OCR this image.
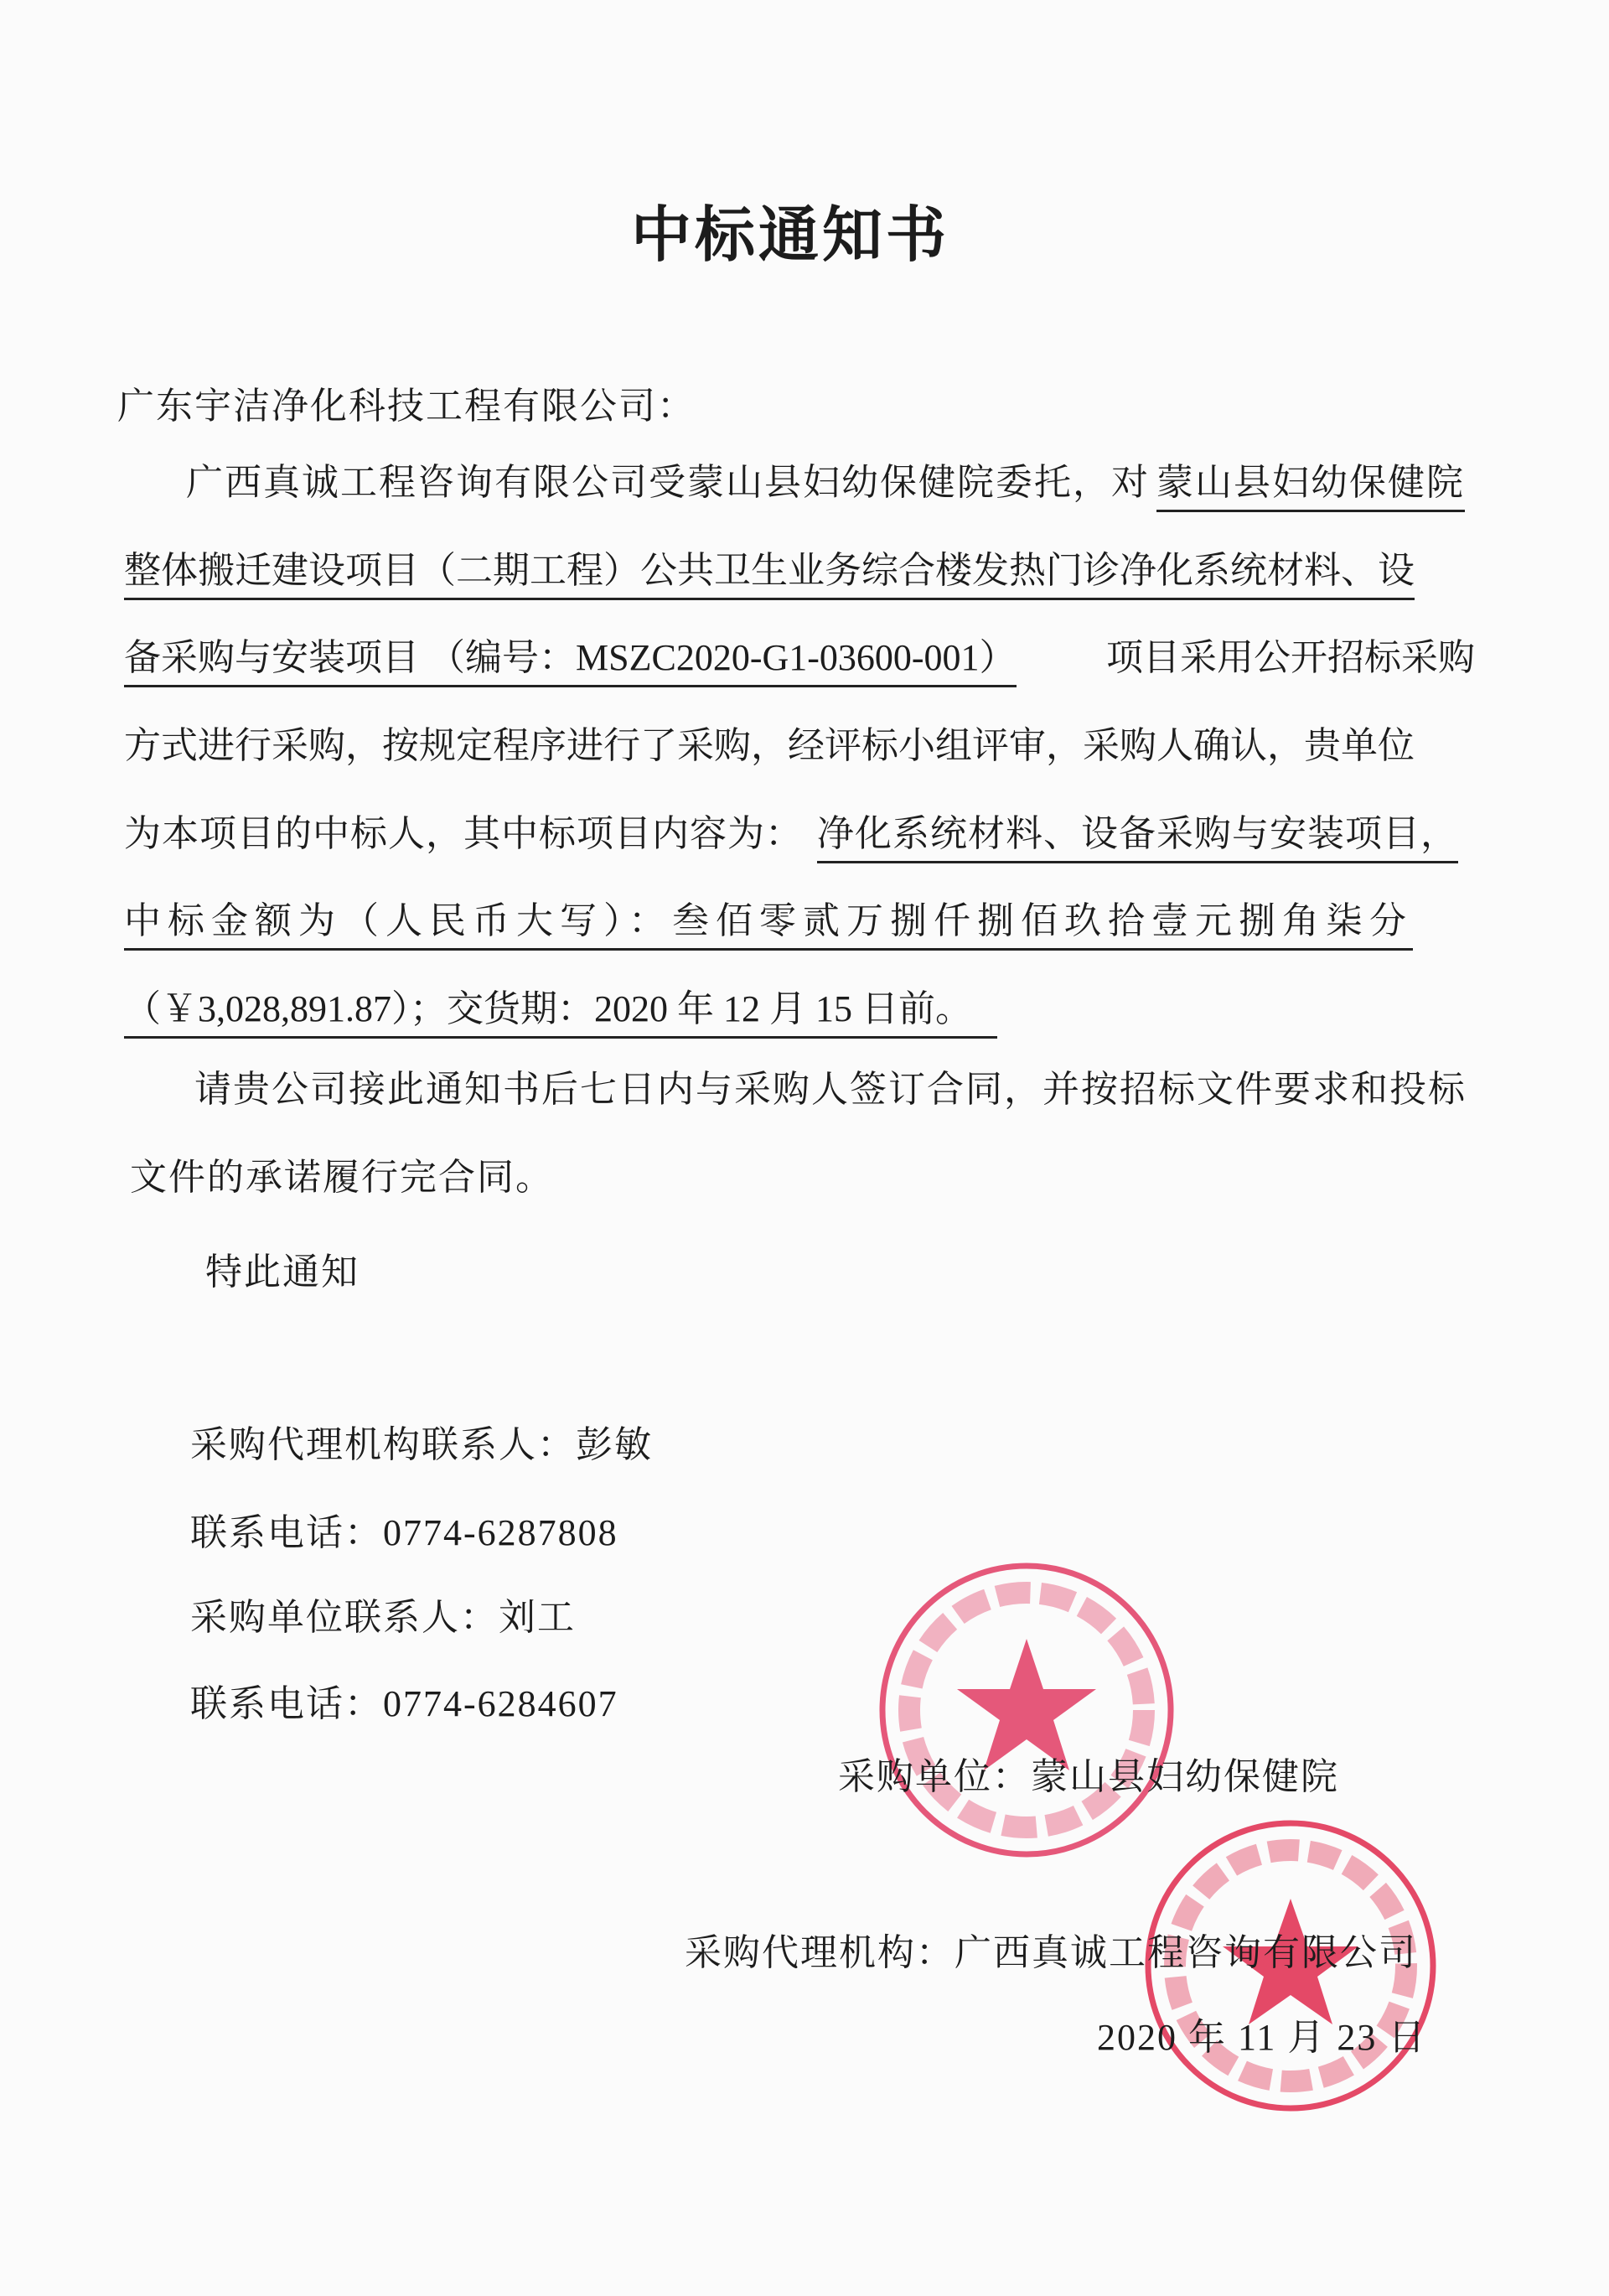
中标通知书
广东宇洁净化科技工程有限公司：
广西真诚工程咨询有限公司受蒙山县妇幼保健院委托，对 蒙山县妇幼保健院
整体搬迁建设项目（二期工程）公共卫生业务综合楼发热门诊净化系统材料、设
备采购与安装项目 （编号：MSZC2020-G1-03600-001） 项目采用公开招标采购
方式进行采购，按规定程序进行了采购，经评标小组评审，采购人确认，贵单位
为本项目的中标人，其中标项目内容为： 净化系统材料、设备采购与安装项目，
中标金额为（人民币大写）：叁佰零贰万捌仟捌佰玖拾壹元捌角柒分
（￥3,028,891.87）；交货期：2020 年 12 月 15 日前。
请贵公司接此通知书后七日内与采购人签订合同，并按招标文件要求和投标
文件的承诺履行完合同。
特此通知
采购代理机构联系人：彭敏
联系电话：0774-6287808
采购单位联系人：刘工
联系电话：0774-6284607
采购单位：蒙山县妇幼保健院
采购代理机构：广西真诚工程咨询有限公司
2020 年 11 月 23 日
